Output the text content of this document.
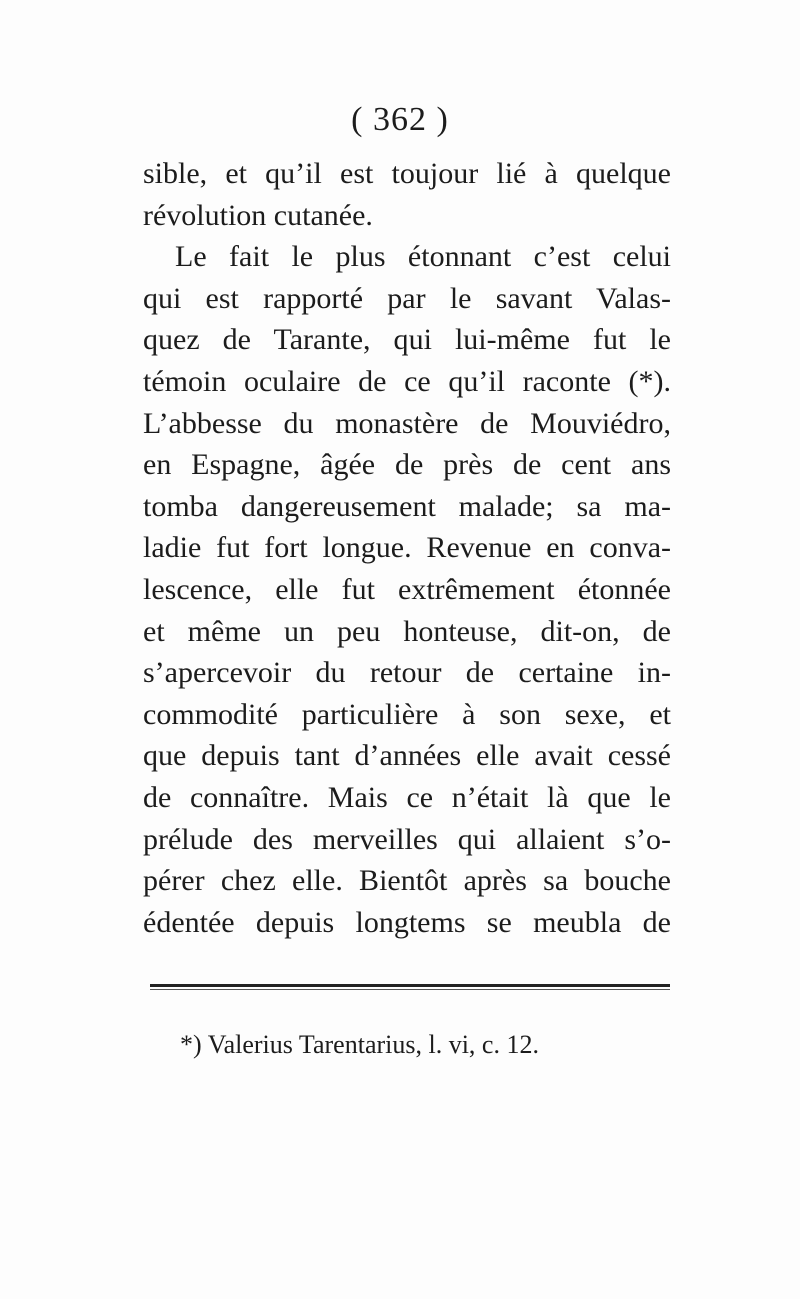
( 362 )
sible, et qu’il est toujour lié à quelque
révolution cutanée.
Le fait le plus étonnant c’est celui
qui est rapporté par le savant Valas-
quez de Tarante, qui lui-même fut le
témoin oculaire de ce qu’il raconte (*).
L’abbesse du monastère de Mouviédro,
en Espagne, âgée de près de cent ans
tomba dangereusement malade; sa ma-
ladie fut fort longue. Revenue en conva-
lescence, elle fut extrêmement étonnée
et même un peu honteuse, dit-on, de
s’apercevoir du retour de certaine in-
commodité particulière à son sexe, et
que depuis tant d’années elle avait cessé
de connaître. Mais ce n’était là que le
prélude des merveilles qui allaient s’o-
pérer chez elle. Bientôt après sa bouche
édentée depuis longtems se meubla de
*) Valerius Tarentarius, l. vi, c. 12.
